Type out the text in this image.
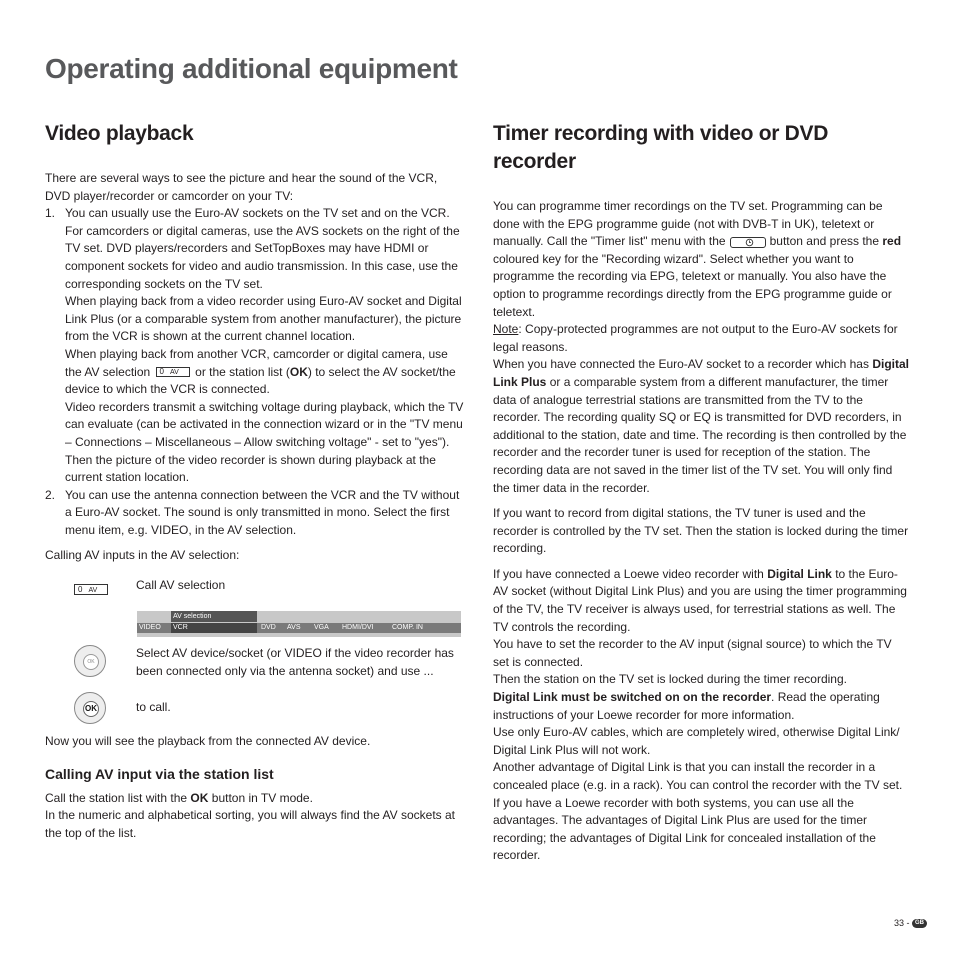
Operating additional equipment
Video playback

There are several ways to see the picture and hear the sound of the VCR, DVD player/recorder or camcorder on your TV:

1. You can usually use the Euro-AV sockets on the TV set and on the VCR. For camcorders or digital cameras, use the AVS sockets on the right of the TV set. DVD players/recorders and SetTopBoxes may have HDMI or component sockets for video and audio transmission. In this case, use the corresponding sockets on the TV set.

When playing back from a video recorder using Euro-AV socket and Digital Link Plus (or a comparable system from another manufacturer), the picture from the VCR is shown at the current channel location.

When playing back from another VCR, camcorder or digital camera, use the AV selection 0 AV or the station list (OK) to select the AV socket/the device to which the VCR is connected.

Video recorders transmit a switching voltage during playback, which the TV can evaluate (can be activated in the connection wizard or in the "TV menu – Connections – Miscellaneous – Allow switching voltage" - set to "yes"). Then the picture of the video recorder is shown during playback at the current station location.

2. You can use the antenna connection between the VCR and the TV without a Euro-AV socket. The sound is only transmitted in mono. Select the first menu item, e.g. VIDEO, in the AV selection.

Calling AV inputs in the AV selection:

0 AV	Call AV selection
AV selection
VIDEO VCR	DVD AVS VGA HDMI/DVI	COMP. IN
OK
Select AV device/socket (or VIDEO if the video recorder has been connected only via the antenna socket) and use ...
OK	to call.

Now you will see the playback from the connected AV device.

Calling AV input via the station list

Call the station list with the OK button in TV mode.

In the numeric and alphabetical sorting, you will always find the AV sockets at the top of the list.

Timer recording with video or DVD recorder

You can programme timer recordings on the TV set. Programming can be done with the EPG programme guide (not with DVB-T in UK), teletext or manually. Call the "Timer list" menu with the	button and press the red coloured key for the "Recording wizard". Select whether you want to programme the recording via EPG, teletext or manually. You also have the option to programme recordings directly from the EPG programme guide or teletext.

Note: Copy-protected programmes are not output to the Euro-AV sockets for legal reasons.

When you have connected the Euro-AV socket to a recorder which has Digital Link Plus or a comparable system from a different manufacturer, the timer data of analogue terrestrial stations are transmitted from the TV to the recorder. The recording quality SQ or EQ is transmitted for DVD recorders, in additional to the station, date and time. The recording is then controlled by the recorder and the recorder tuner is used for reception of the station. The recording data are not saved in the timer list of the TV set. You will only find the timer data in the recorder.

If you want to record from digital stations, the TV tuner is used and the recorder is controlled by the TV set. Then the station is locked during the timer recording.

If you have connected a Loewe video recorder with Digital Link to the Euro-AV socket (without Digital Link Plus) and you are using the timer programming of the TV, the TV receiver is always used, for terrestrial stations as well. The TV controls the recording.

You have to set the recorder to the AV input (signal source) to which the TV set is connected.

Then the station on the TV set is locked during the timer recording.

Digital Link must be switched on on the recorder. Read the operating instructions of your Loewe recorder for more information.

Use only Euro-AV cables, which are completely wired, otherwise Digital Link/ Digital Link Plus will not work.

Another advantage of Digital Link is that you can install the recorder in a concealed place (e.g. in a rack). You can control the recorder with the TV set.

If you have a Loewe recorder with both systems, you can use all the advantages. The advantages of Digital Link Plus are used for the timer recording; the advantages of Digital Link for concealed installation of the recorder.

33 - GB
